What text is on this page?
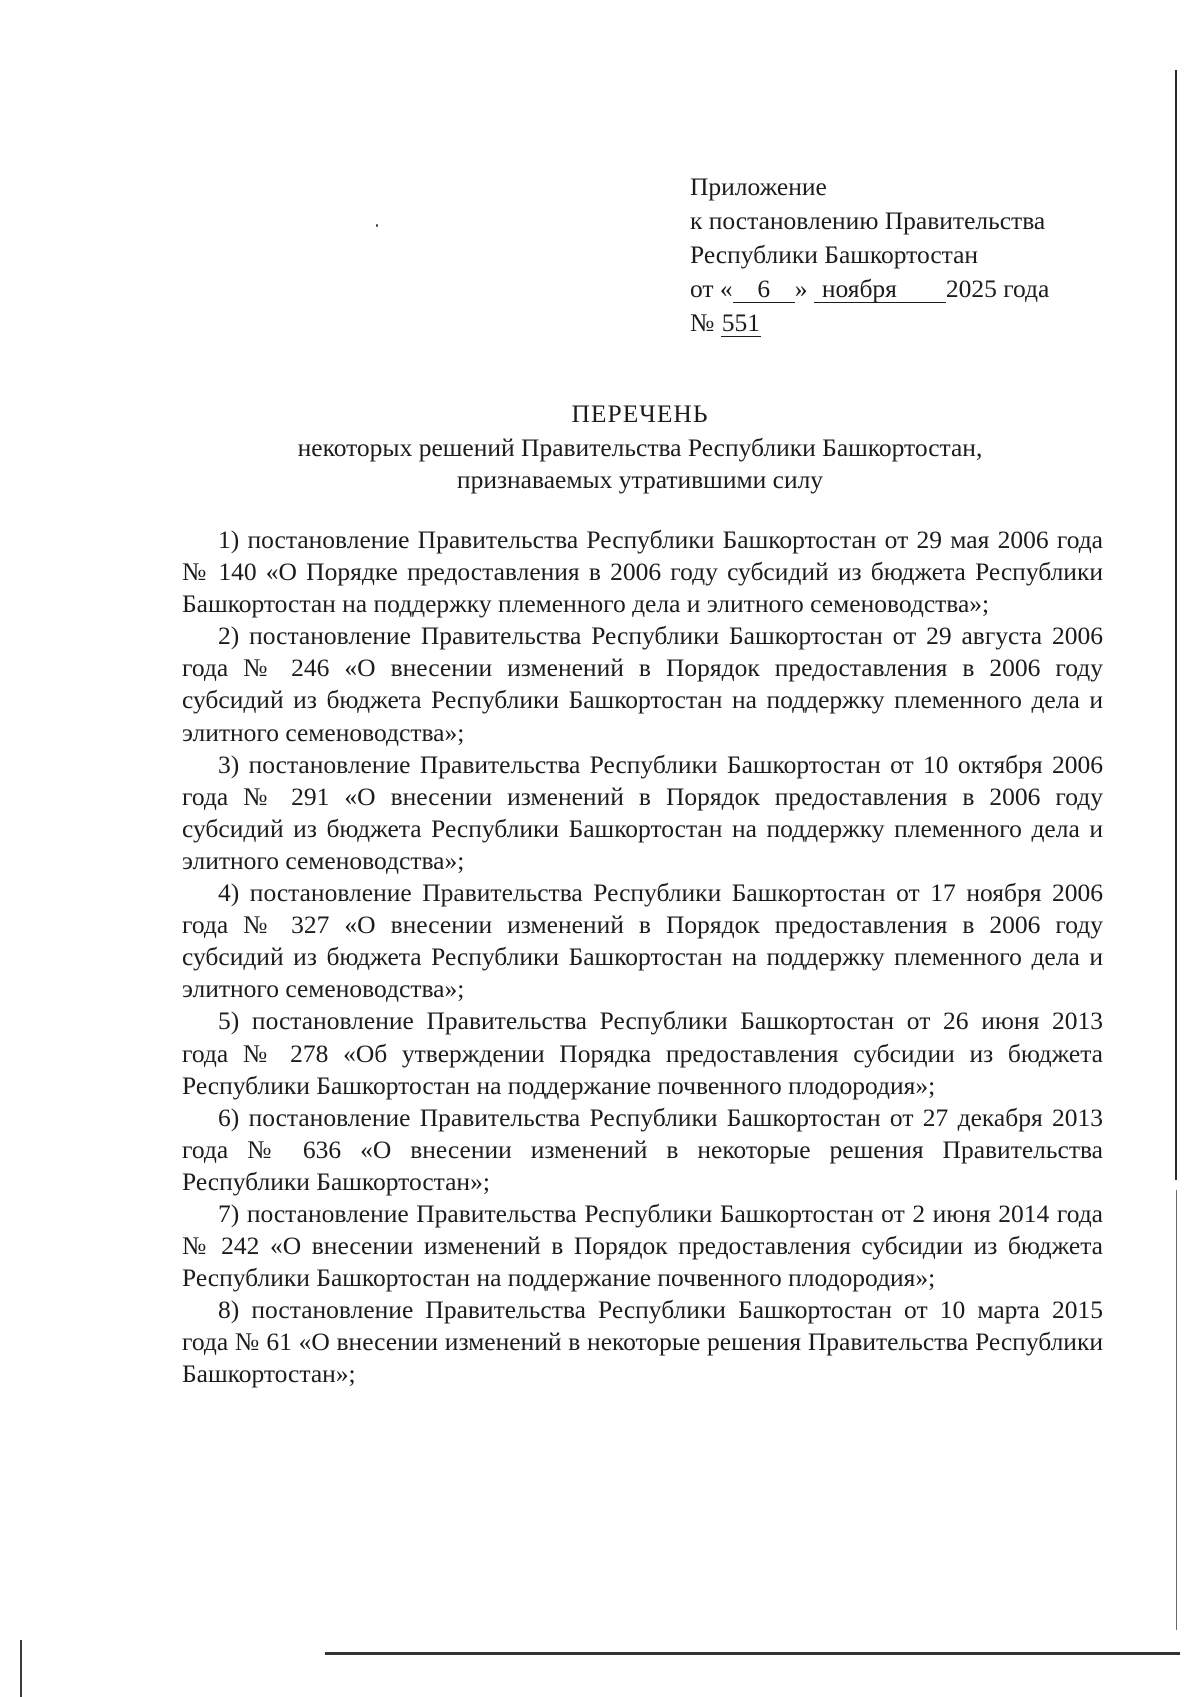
Приложение
к постановлению Правительства
Республики Башкортостан
от « 6 » ноября 2025 года
№ 551
ПЕРЕЧЕНЬ
некоторых решений Правительства Республики Башкортостан,
признаваемых утратившими силу

1) постановление Правительства Республики Башкортостан от 29 мая 2006 года № 140 «О Порядке предоставления в 2006 году субсидий из бюджета Республики Башкортостан на поддержку племенного дела и элитного семеноводства»;

2) постановление Правительства Республики Башкортостан от 29 августа 2006 года № 246 «О внесении изменений в Порядок предоставления в 2006 году субсидий из бюджета Республики Башкортостан на поддержку племенного дела и элитного семеноводства»;

3) постановление Правительства Республики Башкортостан от 10 октября 2006 года № 291 «О внесении изменений в Порядок предоставления в 2006 году субсидий из бюджета Республики Башкортостан на поддержку племенного дела и элитного семеноводства»;

4) постановление Правительства Республики Башкортостан от 17 ноября 2006 года № 327 «О внесении изменений в Порядок предоставления в 2006 году субсидий из бюджета Республики Башкортостан на поддержку племенного дела и элитного семеноводства»;

5) постановление Правительства Республики Башкортостан от 26 июня 2013 года № 278 «Об утверждении Порядка предоставления субсидии из бюджета Республики Башкортостан на поддержание почвенного плодородия»;

6) постановление Правительства Республики Башкортостан от 27 декабря 2013 года № 636 «О внесении изменений в некоторые решения Правительства Республики Башкортостан»;

7) постановление Правительства Республики Башкортостан от 2 июня 2014 года № 242 «О внесении изменений в Порядок предоставления субсидии из бюджета Республики Башкортостан на поддержание почвенного плодородия»;

8) постановление Правительства Республики Башкортостан от 10 марта 2015 года № 61 «О внесении изменений в некоторые решения Правительства Республики Башкортостан»;
